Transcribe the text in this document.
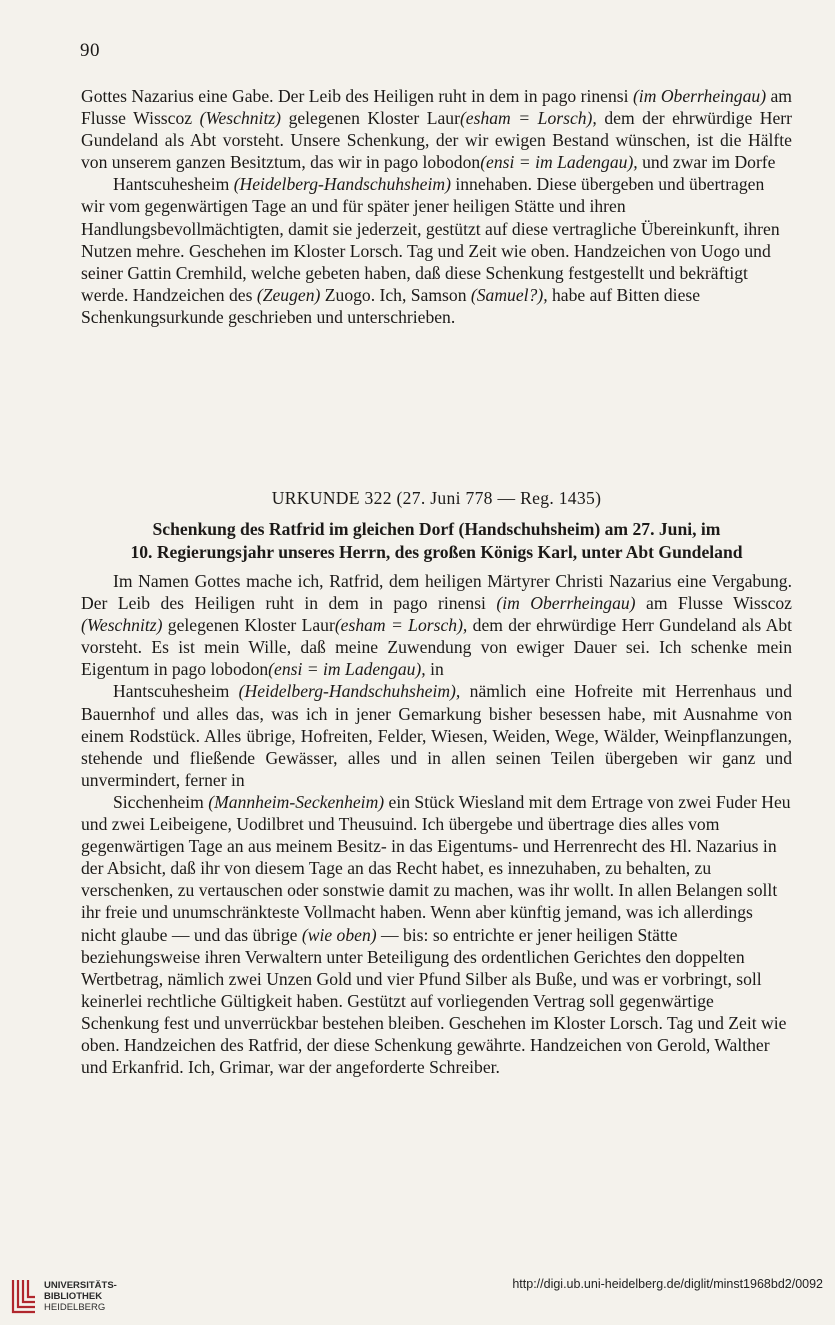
90

Gottes Nazarius eine Gabe. Der Leib des Heiligen ruht in dem in pago rinensi (im Oberrheingau) am Flusse Wisscoz (Weschnitz) gelegenen Kloster Laur(esham = Lorsch), dem der ehrwürdige Herr Gundeland als Abt vorsteht. Unsere Schenkung, der wir ewigen Bestand wünschen, ist die Hälfte von unserem ganzen Besitztum, das wir in pago lobodon(ensi = im Ladengau), und zwar im Dorfe

Hantscuhesheim (Heidelberg-Handschuhsheim) innehaben. Diese übergeben und übertragen wir vom gegenwärtigen Tage an und für später jener heiligen Stätte und ihren Handlungsbevollmächtigten, damit sie jederzeit, gestützt auf diese vertragliche Übereinkunft, ihren Nutzen mehre. Geschehen im Kloster Lorsch. Tag und Zeit wie oben. Handzeichen von Uogo und seiner Gattin Cremhild, welche gebeten haben, daß diese Schenkung festgestellt und bekräftigt werde. Handzeichen des (Zeugen) Zuogo. Ich, Samson (Samuel?), habe auf Bitten diese Schenkungsurkunde geschrieben und unterschrieben.

URKUNDE 322 (27. Juni 778 — Reg. 1435)
Schenkung des Ratfrid im gleichen Dorf (Handschuhsheim) am 27. Juni, im
10. Regierungsjahr unseres Herrn, des großen Königs Karl, unter Abt Gundeland

Im Namen Gottes mache ich, Ratfrid, dem heiligen Märtyrer Christi Nazarius eine Vergabung. Der Leib des Heiligen ruht in dem in pago rinensi (im Oberrheingau) am Flusse Wisscoz (Weschnitz) gelegenen Kloster Laur(esham = Lorsch), dem der ehrwürdige Herr Gundeland als Abt vorsteht. Es ist mein Wille, daß meine Zuwendung von ewiger Dauer sei. Ich schenke mein Eigentum in pago lobodon(ensi = im Ladengau), in

Hantscuhesheim (Heidelberg-Handschuhsheim), nämlich eine Hofreite mit Herrenhaus und Bauernhof und alles das, was ich in jener Gemarkung bisher besessen habe, mit Ausnahme von einem Rodstück. Alles übrige, Hofreiten, Felder, Wiesen, Weiden, Wege, Wälder, Weinpflanzungen, stehende und fließende Gewässer, alles und in allen seinen Teilen übergeben wir ganz und unvermindert, ferner in

Sicchenheim (Mannheim-Seckenheim) ein Stück Wiesland mit dem Ertrage von zwei Fuder Heu und zwei Leibeigene, Uodilbret und Theusuind. Ich übergebe und übertrage dies alles vom gegenwärtigen Tage an aus meinem Besitz- in das Eigentums- und Herrenrecht des Hl. Nazarius in der Absicht, daß ihr von diesem Tage an das Recht habet, es innezuhaben, zu behalten, zu verschenken, zu vertauschen oder sonstwie damit zu machen, was ihr wollt. In allen Belangen sollt ihr freie und unumschränkteste Vollmacht haben. Wenn aber künftig jemand, was ich allerdings nicht glaube — und das übrige (wie oben) — bis: so entrichte er jener heiligen Stätte beziehungsweise ihren Verwaltern unter Beteiligung des ordentlichen Gerichtes den doppelten Wertbetrag, nämlich zwei Unzen Gold und vier Pfund Silber als Buße, und was er vorbringt, soll keinerlei rechtliche Gültigkeit haben. Gestützt auf vorliegenden Vertrag soll gegenwärtige Schenkung fest und unverrückbar bestehen bleiben. Geschehen im Kloster Lorsch. Tag und Zeit wie oben. Handzeichen des Ratfrid, der diese Schenkung gewährte. Handzeichen von Gerold, Walther und Erkanfrid. Ich, Grimar, war der angeforderte Schreiber.

UNIVERSITÄTS-
BIBLIOTHEK
HEIDELBERG
http://digi.ub.uni-heidelberg.de/diglit/minst1968bd2/0092
